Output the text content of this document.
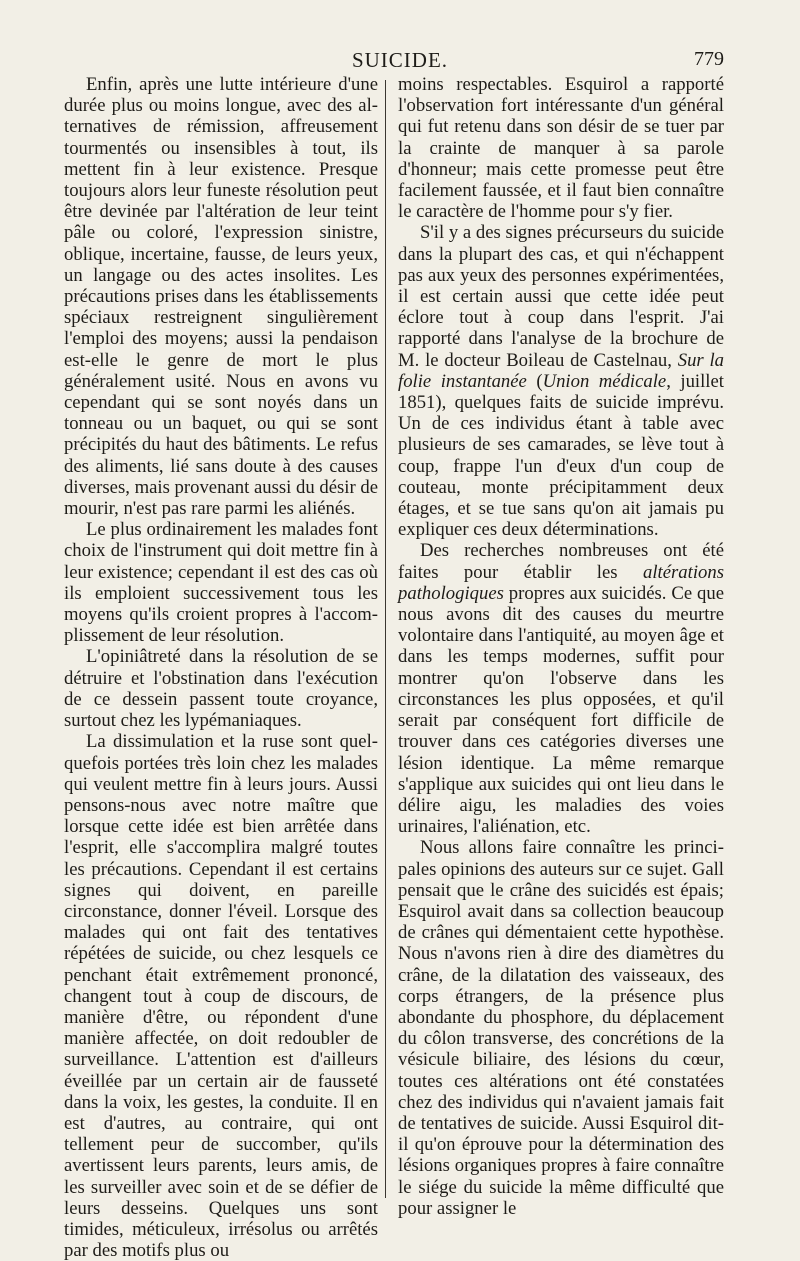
SUICIDE.	779

Enfin, après une lutte intérieure d'une durée plus ou moins longue, avec des alternatives de rémission, affreusement tourmentés ou insensibles à tout, ils mettent fin à leur existence. Presque toujours alors leur funeste résolution peut être devinée par l'altération de leur teint pâle ou coloré, l'expression sinistre, oblique, incertaine, fausse, de leurs yeux, un langage ou des actes insolites. Les précautions prises dans les établissements spéciaux restreignent singulièrement l'emploi des moyens; aussi la pendaison est-elle le genre de mort le plus généralement usité. Nous en avons vu cependant qui se sont noyés dans un tonneau ou un baquet, ou qui se sont précipités du haut des bâtiments. Le refus des aliments, lié sans doute à des causes diverses, mais provenant aussi du désir de mourir, n'est pas rare parmi les aliénés.

Le plus ordinairement les malades font choix de l'instrument qui doit mettre fin à leur existence; cependant il est des cas où ils emploient successivement tous les moyens qu'ils croient propres à l'accomplissement de leur résolution.

L'opiniâtreté dans la résolution de se détruire et l'obstination dans l'exécution de ce dessein passent toute croyance, surtout chez les lypémaniaques.

La dissimulation et la ruse sont quelquefois portées très loin chez les malades qui veulent mettre fin à leurs jours. Aussi pensons-nous avec notre maître que lorsque cette idée est bien arrêtée dans l'esprit, elle s'accomplira malgré toutes les précautions. Cependant il est certains signes qui doivent, en pareille circonstance, donner l'éveil. Lorsque des malades qui ont fait des tentatives répétées de suicide, ou chez lesquels ce penchant était extrêmement prononcé, changent tout à coup de discours, de manière d'être, ou répondent d'une manière affectée, on doit redoubler de surveillance. L'attention est d'ailleurs éveillée par un certain air de fausseté dans la voix, les gestes, la conduite. Il en est d'autres, au contraire, qui ont tellement peur de succomber, qu'ils avertissent leurs parents, leurs amis, de les surveiller avec soin et de se défier de leurs desseins. Quelques uns sont timides, méticuleux, irrésolus ou arrêtés par des motifs plus ou

moins respectables. Esquirol a rapporté l'observation fort intéressante d'un général qui fut retenu dans son désir de se tuer par la crainte de manquer à sa parole d'honneur; mais cette promesse peut être facilement faussée, et il faut bien connaître le caractère de l'homme pour s'y fier.

S'il y a des signes précurseurs du suicide dans la plupart des cas, et qui n'échappent pas aux yeux des personnes expérimentées, il est certain aussi que cette idée peut éclore tout à coup dans l'esprit. J'ai rapporté dans l'analyse de la brochure de M. le docteur Boileau de Castelnau, Sur la folie instantanée (Union médicale, juillet 1851), quelques faits de suicide imprévu. Un de ces individus étant à table avec plusieurs de ses camarades, se lève tout à coup, frappe l'un d'eux d'un coup de couteau, monte précipitamment deux étages, et se tue sans qu'on ait jamais pu expliquer ces deux déterminations.

Des recherches nombreuses ont été faites pour établir les altérations pathologiques propres aux suicidés. Ce que nous avons dit des causes du meurtre volontaire dans l'antiquité, au moyen âge et dans les temps modernes, suffit pour montrer qu'on l'observe dans les circonstances les plus opposées, et qu'il serait par conséquent fort difficile de trouver dans ces catégories diverses une lésion identique. La même remarque s'applique aux suicides qui ont lieu dans le délire aigu, les maladies des voies urinaires, l'aliénation, etc.

Nous allons faire connaître les principales opinions des auteurs sur ce sujet. Gall pensait que le crâne des suicidés est épais; Esquirol avait dans sa collection beaucoup de crânes qui démentaient cette hypothèse. Nous n'avons rien à dire des diamètres du crâne, de la dilatation des vaisseaux, des corps étrangers, de la présence plus abondante du phosphore, du déplacement du côlon transverse, des concrétions de la vésicule biliaire, des lésions du cœur, toutes ces altérations ont été constatées chez des individus qui n'avaient jamais fait de tentatives de suicide. Aussi Esquirol dit-il qu'on éprouve pour la détermination des lésions organiques propres à faire connaître le siége du suicide la même difficulté que pour assigner le
